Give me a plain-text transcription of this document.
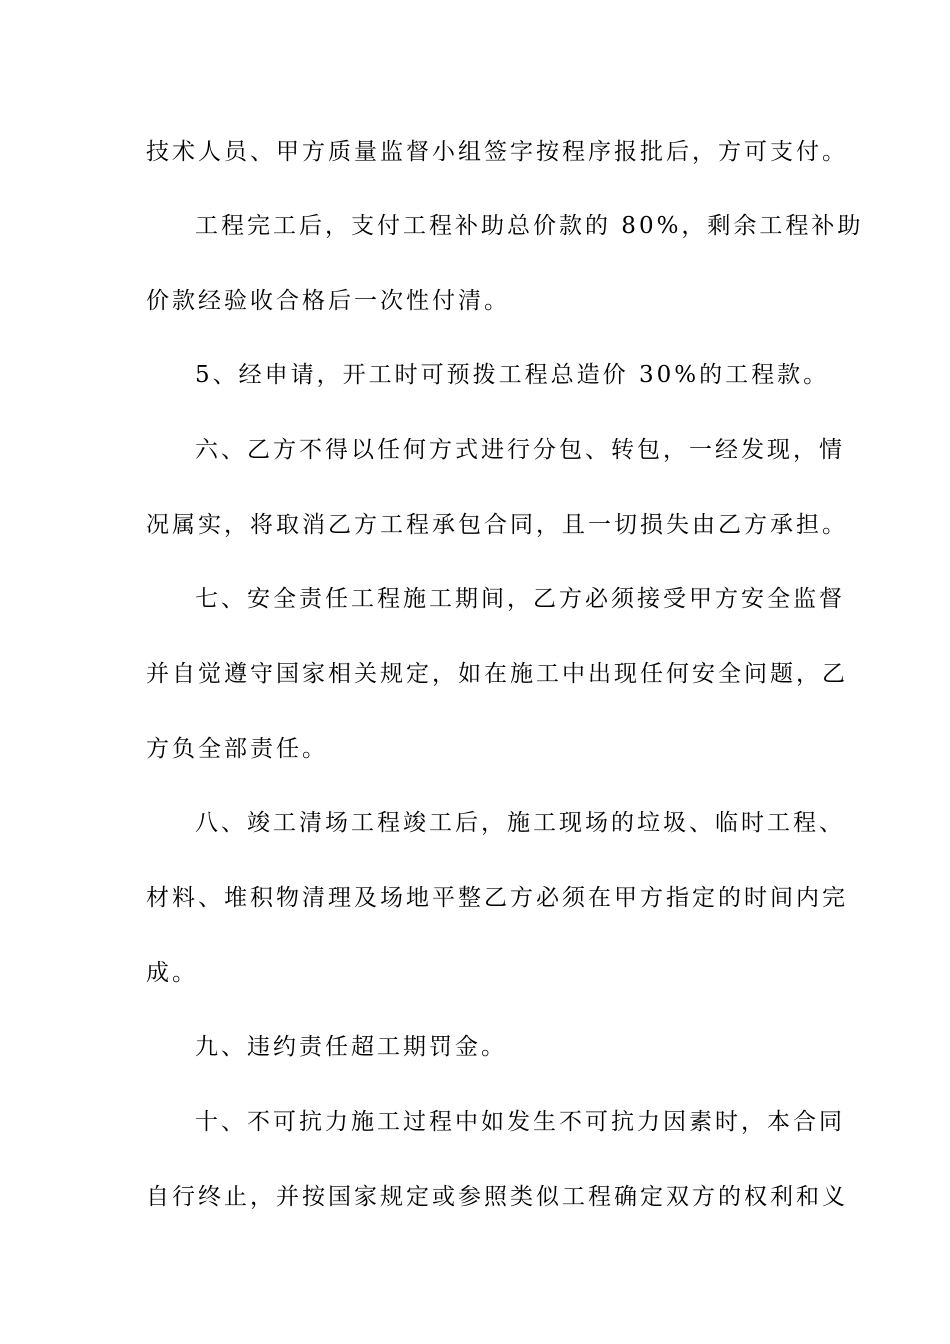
技术人员、甲方质量监督小组签字按程序报批后，方可支付。
工程完工后，支付工程补助总价款的 80%，剩余工程补助
价款经验收合格后一次性付清。
5、经申请，开工时可预拨工程总造价 30%的工程款。
六、乙方不得以任何方式进行分包、转包，一经发现，情
况属实，将取消乙方工程承包合同，且一切损失由乙方承担。
七、安全责任工程施工期间，乙方必须接受甲方安全监督
并自觉遵守国家相关规定，如在施工中出现任何安全问题，乙
方负全部责任。
八、竣工清场工程竣工后，施工现场的垃圾、临时工程、
材料、堆积物清理及场地平整乙方必须在甲方指定的时间内完
成。
九、违约责任超工期罚金。
十、不可抗力施工过程中如发生不可抗力因素时，本合同
自行终止，并按国家规定或参照类似工程确定双方的权利和义
